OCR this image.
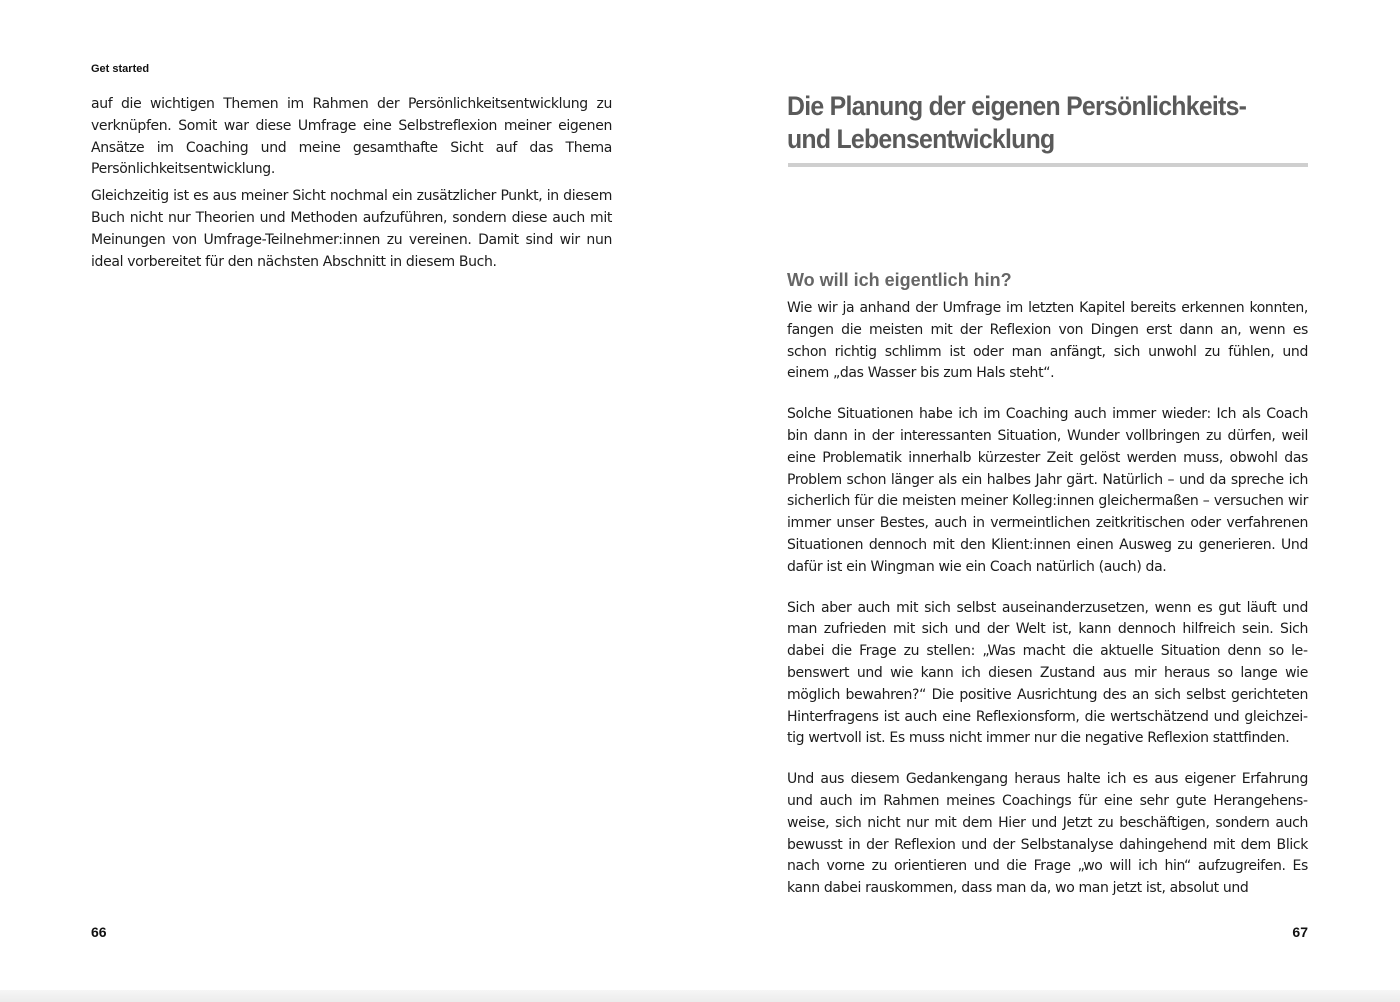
Get started

auf die wichtigen Themen im Rahmen der Persönlichkeitsentwicklung zu verknüpfen. Somit war diese Umfrage eine Selbstreflexion meiner eigenen Ansätze im Coaching und meine gesamthafte Sicht auf das Thema Persönlichkeitsentwicklung.

Gleichzeitig ist es aus meiner Sicht nochmal ein zusätzlicher Punkt, in diesem Buch nicht nur Theorien und Methoden aufzuführen, sondern diese auch mit Meinungen von Umfrage-Teilnehmer:innen zu vereinen. Damit sind wir nun ideal vorbereitet für den nächsten Abschnitt in diesem Buch.

66
Die Planung der eigenen Persönlichkeits-
und Lebensentwicklung
Wo will ich eigentlich hin?

Wie wir ja anhand der Umfrage im letzten Kapitel bereits erkennen konnten, fangen die meisten mit der Reflexion von Dingen erst dann an, wenn es schon richtig schlimm ist oder man anfängt, sich unwohl zu fühlen, und einem „das Wasser bis zum Hals steht“.

Solche Situationen habe ich im Coaching auch immer wieder: Ich als Coach bin dann in der interessanten Situation, Wunder vollbringen zu dürfen, weil eine Problematik innerhalb kürzester Zeit gelöst werden muss, obwohl das Problem schon länger als ein halbes Jahr gärt. Natürlich – und da spreche ich sicherlich für die meisten meiner Kolleg:innen gleichermaßen – versuchen wir immer unser Bestes, auch in vermeintlichen zeitkritischen oder verfahrenen Situationen dennoch mit den Klient:innen einen Ausweg zu generieren. Und dafür ist ein Wingman wie ein Coach natürlich (auch) da.

Sich aber auch mit sich selbst auseinanderzusetzen, wenn es gut läuft und man zufrieden mit sich und der Welt ist, kann dennoch hilfreich sein. Sich dabei die Frage zu stellen: „Was macht die aktuelle Situation denn so lebenswert und wie kann ich diesen Zustand aus mir heraus so lange wie möglich bewahren?“ Die positive Ausrichtung des an sich selbst gerichteten Hinterfragens ist auch eine Reflexionsform, die wertschätzend und gleichzeitig wertvoll ist. Es muss nicht immer nur die negative Reflexion stattfinden.

Und aus diesem Gedankengang heraus halte ich es aus eigener Erfahrung und auch im Rahmen meines Coachings für eine sehr gute Herangehensweise, sich nicht nur mit dem Hier und Jetzt zu beschäftigen, sondern auch bewusst in der Reflexion und der Selbstanalyse dahingehend mit dem Blick nach vorne zu orientieren und die Frage „wo will ich hin“ aufzugreifen. Es kann dabei rauskommen, dass man da, wo man jetzt ist, absolut und

67
